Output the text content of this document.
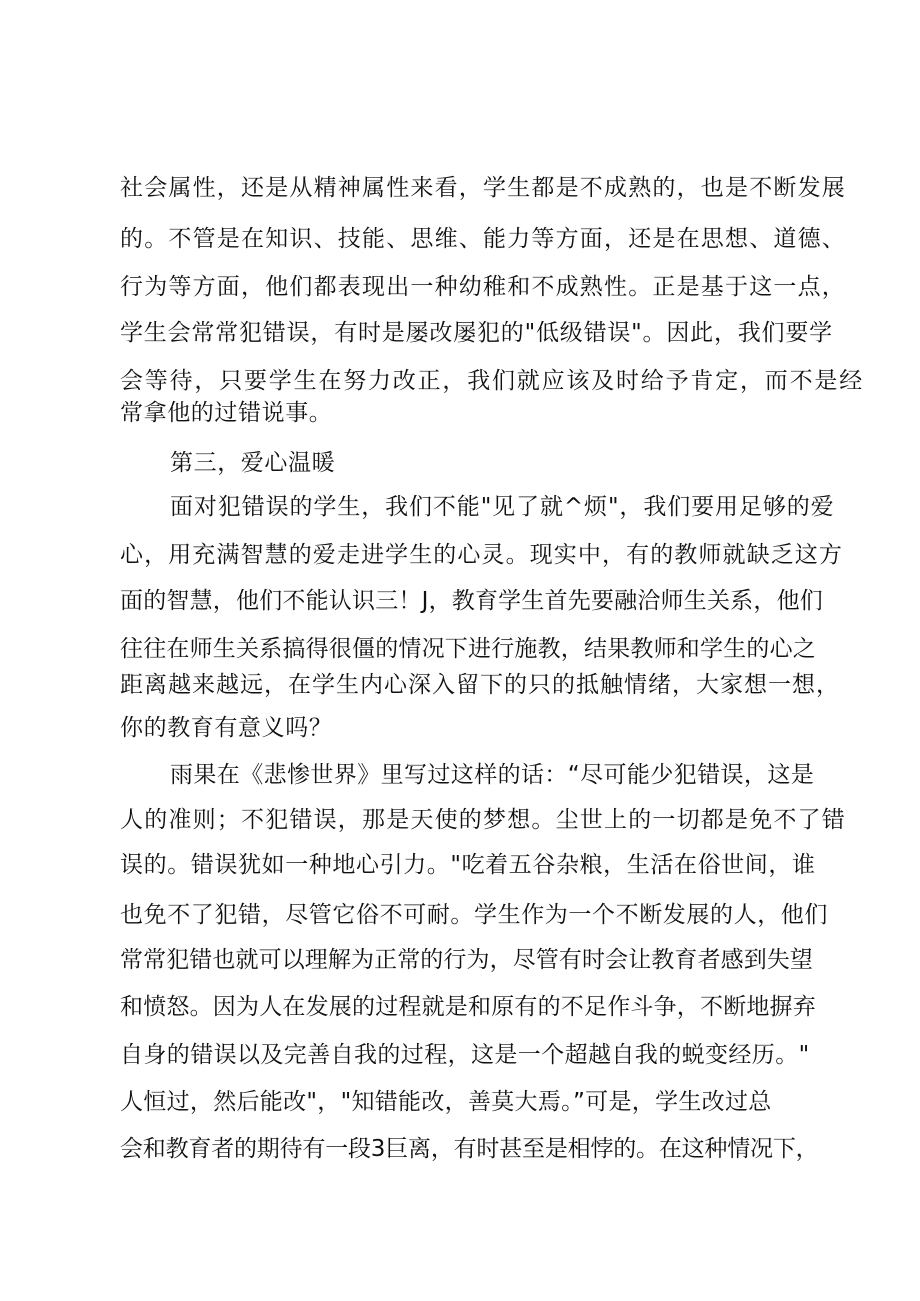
社会属性，还是从精神属性来看，学生都是不成熟的，也是不断发展
的。不管是在知识、技能、思维、能力等方面，还是在思想、道德、
行为等方面，他们都表现出一种幼稚和不成熟性。正是基于这一点，
学生会常常犯错误，有时是屡改屡犯的"低级错误"。因此，我们要学
会等待，只要学生在努力改正，我们就应该及时给予肯定，而不是经
常拿他的过错说事。
第三，爱心温暖
面对犯错误的学生，我们不能"见了就^烦"，我们要用足够的爱
心，用充满智慧的爱走进学生的心灵。现实中，有的教师就缺乏这方
面的智慧，他们不能认识三！J，教育学生首先要融洽师生关系，他们
往往在师生关系搞得很僵的情况下进行施教，结果教师和学生的心之
距离越来越远，在学生内心深入留下的只的抵触情绪，大家想一想，
你的教育有意义吗？
雨果在《悲惨世界》里写过这样的话：“尽可能少犯错误，这是
人的准则；不犯错误，那是天使的梦想。尘世上的一切都是免不了错
误的。错误犹如一种地心引力。"吃着五谷杂粮，生活在俗世间，谁
也免不了犯错，尽管它俗不可耐。学生作为一个不断发展的人，他们
常常犯错也就可以理解为正常的行为，尽管有时会让教育者感到失望
和愤怒。因为人在发展的过程就是和原有的不足作斗争，不断地摒弃
自身的错误以及完善自我的过程，这是一个超越自我的蜕变经历。"
人恒过，然后能改"，"知错能改，善莫大焉。”可是，学生改过总
会和教育者的期待有一段3巨离，有时甚至是相悖的。在这种情况下，
